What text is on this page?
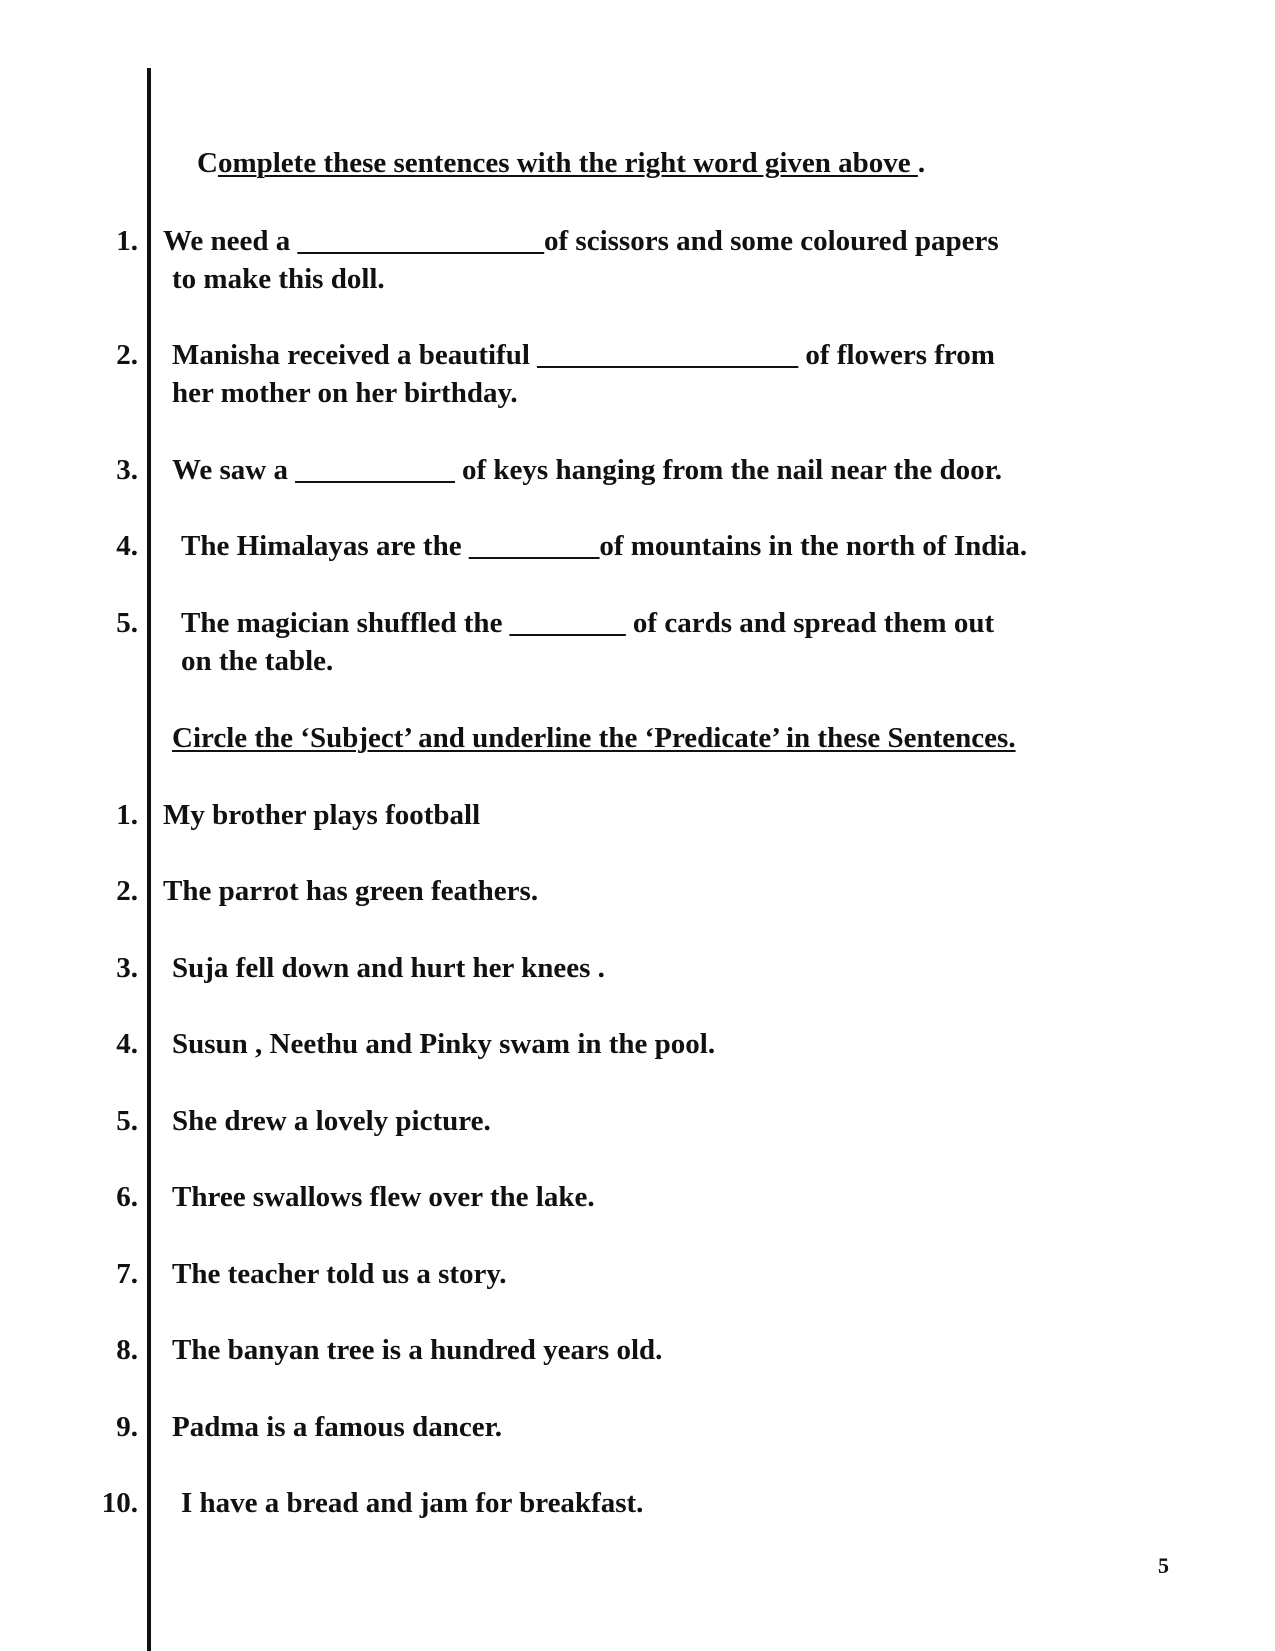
Complete these sentences with the right word given above .
1. We need a _________________of scissors and some coloured papers
to make this doll.
2. Manisha received a beautiful __________________ of flowers from
her mother on her birthday.
3. We saw a ___________ of keys hanging from the nail near the door.
4. The Himalayas are the _________of mountains in the north of India.
5. The magician shuffled the ________ of cards and spread them out
on the table.
Circle the ‘Subject’ and underline the ‘Predicate’ in these Sentences.
1. My brother plays football
2. The parrot has green feathers.
3. Suja fell down and hurt her knees .
4. Susun , Neethu and Pinky swam in the pool.
5. She drew a lovely picture.
6. Three swallows flew over the lake.
7. The teacher told us a story.
8. The banyan tree is a hundred years old.
9. Padma is a famous dancer.
10. I have a bread and jam for breakfast.
5
